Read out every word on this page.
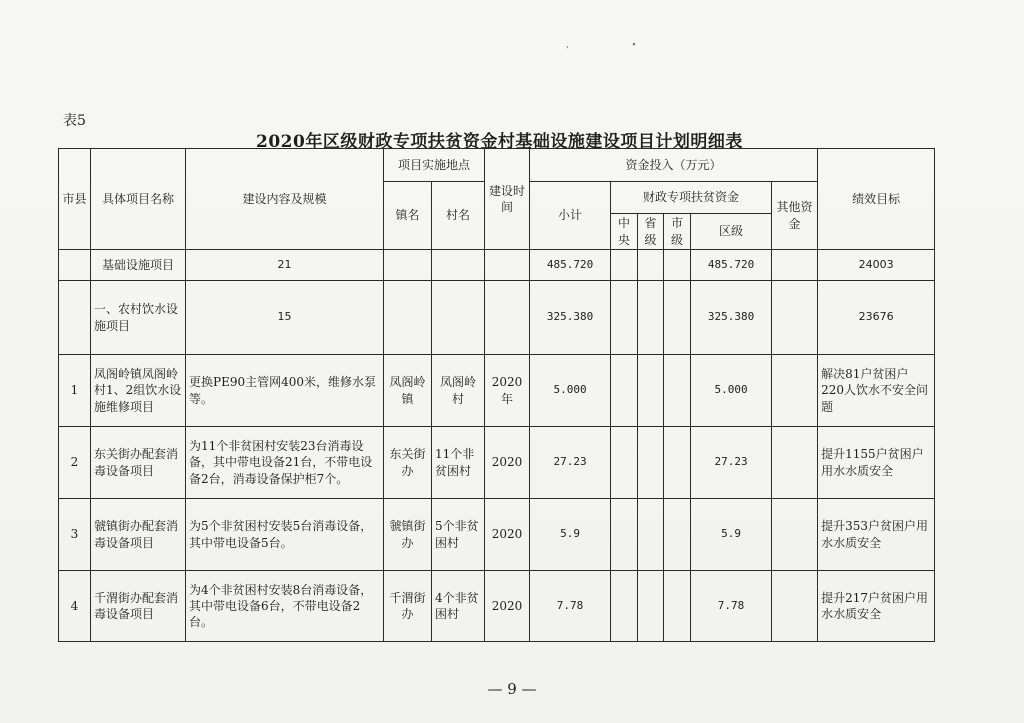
, ∙
表5
2020年区级财政专项扶贫资金村基础设施建设项目计划明细表
市县	具体项目名称	建设内容及规模	项目实施地点		建设时间	资金投入（万元）						绩效目标
			镇名	村名		小计	财政专项扶贫资金				其他资金	
							中央	省级	市级	区级		
	基础设施项目	21				485.720				485.720		24003
	一、农村饮水设施项目	15				325.380				325.380		23676
1	凤阁岭镇凤阁岭村1、2组饮水设施维修项目	更换PE90主管网400米，维修水泵等。	凤阁岭镇	凤阁岭村	2020年	5.000				5.000		解决81户贫困户220人饮水不安全问题
2	东关街办配套消毒设备项目	为11个非贫困村安装23台消毒设备，其中带电设备21台，不带电设备2台，消毒设备保护柜7个。	东关街办	11个非贫困村	2020	27.23				27.23		提升1155户贫困户用水水质安全
3	虢镇街办配套消毒设备项目	为5个非贫困村安装5台消毒设备，其中带电设备5台。	虢镇街办	5个非贫困村	2020	5.9				5.9		提升353户贫困户用水水质安全
4	千渭街办配套消毒设备项目	为4个非贫困村安装8台消毒设备，其中带电设备6台，不带电设备2台。	千渭街办	4个非贫困村	2020	7.78				7.78		提升217户贫困户用水水质安全
— 9 —
